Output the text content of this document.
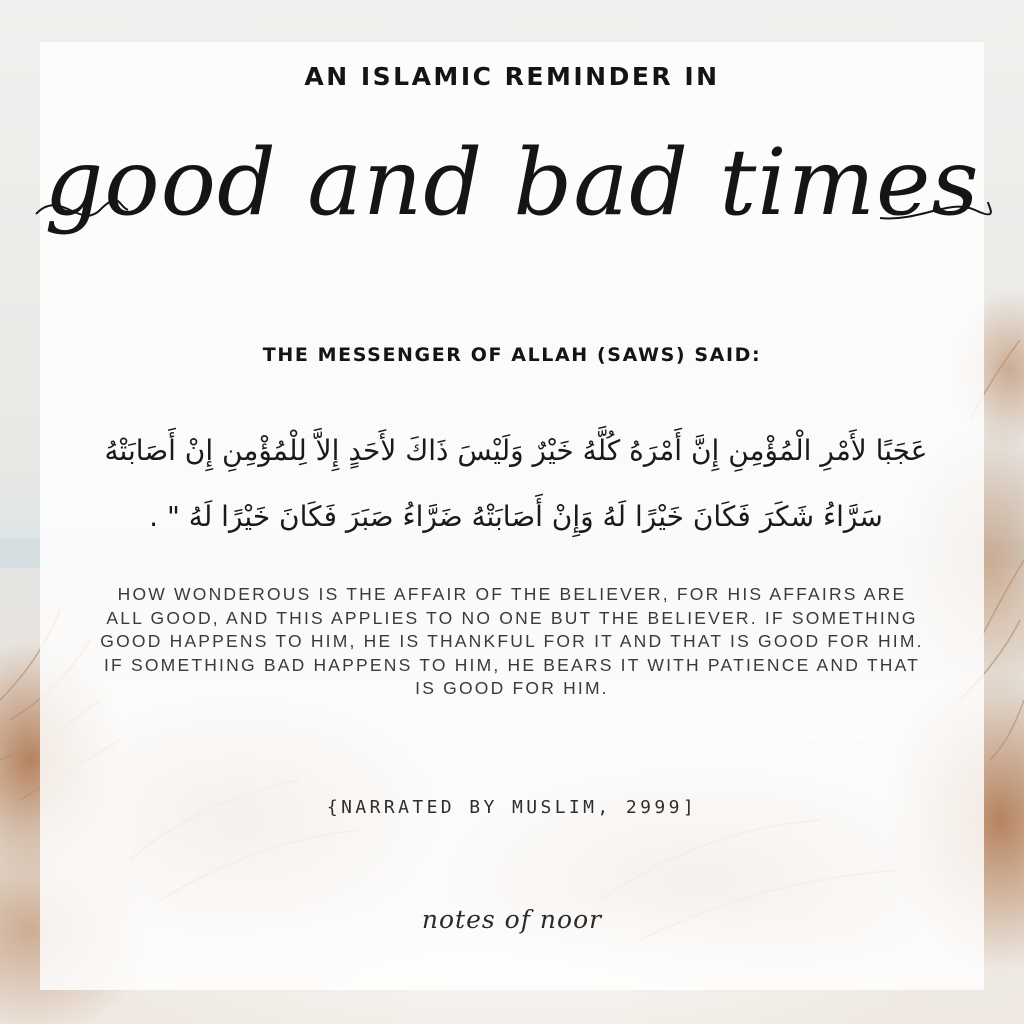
AN ISLAMIC REMINDER IN
good and bad times
THE MESSENGER OF ALLAH (SAWS) SAID:
عَجَبًا لأَمْرِ الْمُؤْمِنِ إِنَّ أَمْرَهُ كُلَّهُ خَيْرٌ وَلَيْسَ ذَاكَ لأَحَدٍ إِلاَّ لِلْمُؤْمِنِ إِنْ أَصَابَتْهُ سَرَّاءُ شَكَرَ فَكَانَ خَيْرًا لَهُ وَإِنْ أَصَابَتْهُ ضَرَّاءُ صَبَرَ فَكَانَ خَيْرًا لَهُ " .
HOW WONDEROUS IS THE AFFAIR OF THE BELIEVER, FOR HIS AFFAIRS ARE ALL GOOD, AND THIS APPLIES TO NO ONE BUT THE BELIEVER. IF SOMETHING GOOD HAPPENS TO HIM, HE IS THANKFUL FOR IT AND THAT IS GOOD FOR HIM. IF SOMETHING BAD HAPPENS TO HIM, HE BEARS IT WITH PATIENCE AND THAT IS GOOD FOR HIM.
@NOTESOFNOOR
{NARRATED BY MUSLIM, 2999]
notes of noor
